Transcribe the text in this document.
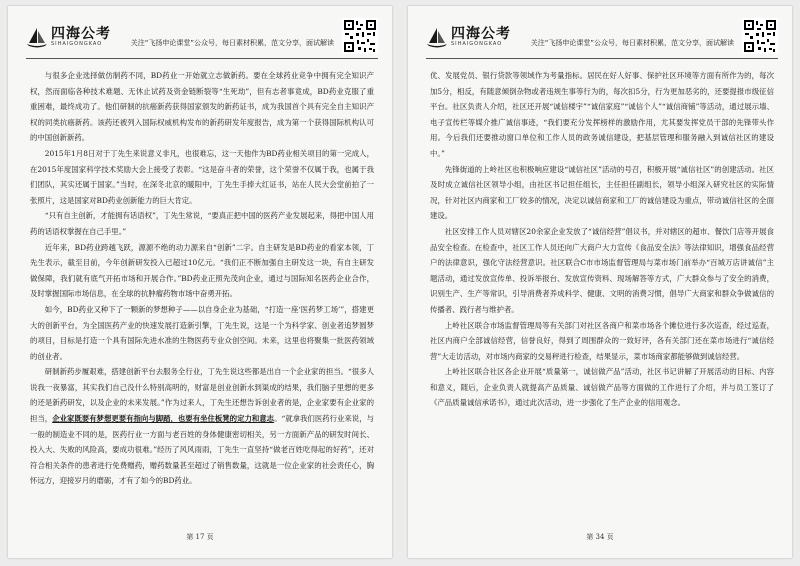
四海公考
SIHAIGONGKAO	关注“飞扬申论课堂”公众号，每日素材积累，范文分享，面试解读

与很多企业选择做仿制药不同，BD药业一开始就立志做新药。要在全球药业竞争中拥有完全知识产权，然而面临各种技术难题、无休止试药及资金链断裂等“生死劫”，但有志者事竟成，BD药业克服了重重困难，最终成功了。他们研制的抗癌新药获得国家颁发的新药证书，成为我国首个具有完全自主知识产权的同类抗癌新药。该药还被列入国际权威机构发布的新药研发年度报告，成为第一个获得国际机构认可的中国创新新药。

2015年1月8日对于丁先生来说意义非凡，也很难忘，这一天他作为BD药业相关项目的第一完成人，在2015年度国家科学技术奖励大会上接受了表彰。“这是奋斗者的荣誉，这个荣誉不仅属于我，也属于我们团队，其实还属于国家。”当时，在深冬北京的暖阳中，丁先生手捧大红证书，站在人民大会堂前拍了一张照片，这是国家对BD药业创新能力的巨大肯定。

“只有自主创新，才能拥有话语权”，丁先生常说，“要真正把中国的医药产业发展起来，得把中国人用药的话语权掌握在自己手里。”

近年来，BD药业跨越飞跃，源源不绝的动力源来自“创新”二字。自主研发是BD药业的看家本领，丁先生表示，截至目前，今年创新研发投入已超过10亿元。“我们正不断加强自主研发这一块，有自主研发做保障，我们就有底气开拓市场和开展合作。”BD药业正照先茂向企业，通过与国际知名医药企业合作，及时掌握国际市场信息，在全球的抗肿瘤药物市场中奋勇开拓。

如今，BD药业又种下了一颗新的梦想种子——以自身企业为基础，“打造一座‘医药梦工场’”，搭建更大的创新平台，为全国医药产业的快速发展打造新引擎，丁先生说，这是一个为科学家、创业者追梦圆梦的项目，目标是打造一个具有国际先进水准的生物医药专业众创空间。未来，这里也将聚集一批医药领域的创业者。

研制新药步履艰难，搭建创新平台去服务全行业，丁先生说这些都是出自一个企业家的担当。“很多人说我一夜暴富，其实我们自己没什么特别高明的，财富是创业创新水到渠成的结果，我们脑子里想的更多的还是新药研发，以及企业的未来发展。”作为过来人，丁先生还想告诉创业者的是，企业家要有企业家的担当，企业家既要有梦想更要有指向与脚踏，也要有坐住板凳的定力和意志。“就拿我们医药行业来说，与一般的制造业不同的是，医药行业一方面与老百姓的身体健康密切相关，另一方面新产品的研发时间长、投入大、失败的风险高，要成功很难。”经历了风风雨雨，丁先生一直坚持“做老百姓吃得起的好药”，还对符合相关条件的患者进行免费赠药，赠药数量甚至超过了销售数量，这就是一位企业家的社会责任心，胸怀远方，迎接岁月的磨砺，才有了如今的BD药业。

第 17 页
四海公考
SIHAIGONGKAO	关注“飞扬申论课堂”公众号，每日素材积累，范文分享，面试解读

优、发展党员、银行贷款等领域作为考量指标。居民在好人好事、保护社区环境等方面有所作为的，每次加5分，相反，有随意倾倒杂物或者违规生事等行为的，每次扣5分，行为更加恶劣的，还要提报市级征信平台。社区负责人介绍，社区还开展“诚信楼宇”“诚信家庭”“诚信个人”“诚信商铺”等活动，通过展示墙、电子宣传栏等媒介推广诚信事迹，“我们要充分发挥榜样的激励作用，尤其要发挥党员干部的先锋带头作用。今后我们还要推动窗口单位和工作人员的政务诚信建设，把基层管理和服务融入到诚信社区的建设中。”

先锋街道的上岭社区也积极响应建设“诚信社区”活动的号召，积极开展“诚信社区”的创建活动。社区及时成立诚信社区领导小组，由社区书记担任组长，主任担任副组长，领导小组深入研究社区的实际情况，针对社区内商家和工厂较多的情况，决定以诚信商家和工厂的诚信建设为重点，带动诚信社区的全面建设。

社区安排工作人员对辖区20余家企业发放了“诚信经营”倡议书，并对辖区的超市、餐饮门店等开展食品安全检查。在检查中，社区工作人员还向广大商户大力宣传《食品安全法》等法律知识，增强食品经营户的法律意识，强化守法经营意识。社区联合C市市场监督管理局与菜市场门前举办“百城万店讲诚信”主题活动，通过发放宣传单、投诉举报台、发放宣传资料、现场解答等方式，广大群众参与了安全的消费，识别生产、生产等常识，引导消费者养成科学、健康、文明的消费习惯，倡导广大商家和群众争做诚信的传播者、践行者与维护者。

上岭社区联合市场监督管理局等有关部门对社区各商户和菜市场各个摊位进行多次巡查，经过巡查，社区内商户全部诚信经营，信誉良好，得到了周围群众的一致好评，各有关部门还在菜市场进行“诚信经营”大走访活动，对市场内商家的交易秤进行检查，结果显示，菜市场商家都能够做到诚信经营。

上岭社区联合社区各企业开展“质量第一，诚信做产品”活动，社区书记讲解了开展活动的目标、内容和意义，随后，企业负责人就提高产品质量、诚信做产品等方面做的工作进行了介绍，并与员工签订了《产品质量诚信承诺书》，通过此次活动，进一步强化了生产企业的信用观念。

第 34 页
